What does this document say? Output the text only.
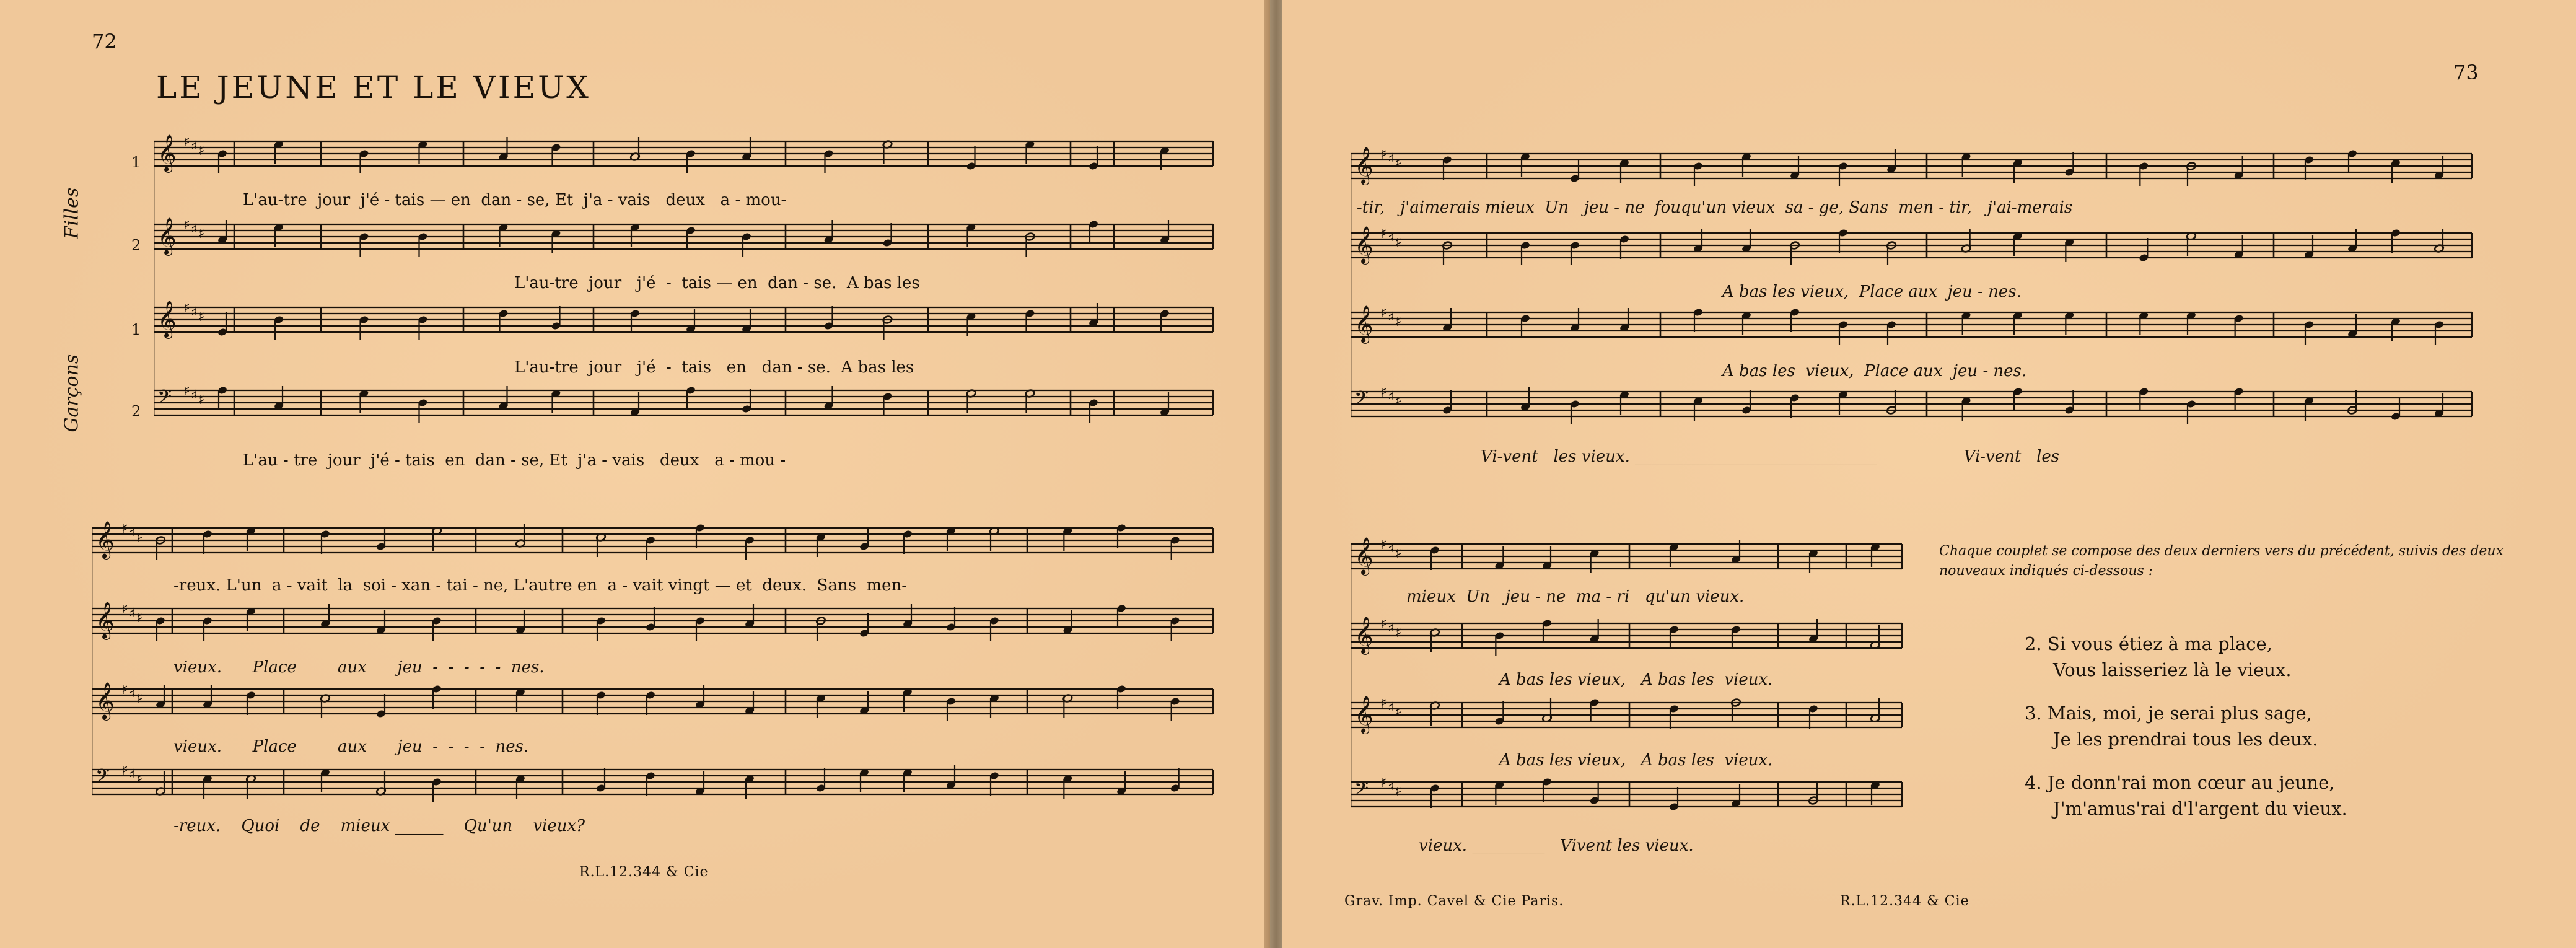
72
LE JEUNE ET LE VIEUX
Filles
Garçons
1
2
1
2
𝄞 ♯ ♯ ♯
𝄞 ♯ ♯ ♯
𝄞 ♯ ♯ ♯
𝄢 ♯ ♯ ♯
L'au-tre  jour  j'é - tais — en  dan - se, Et  j'a - vais   deux   a - mou-
L'au-tre  jour   j'é  -  tais — en  dan - se.  A bas les
L'au-tre  jour   j'é  -  tais   en   dan - se.  A bas les
L'au - tre  jour  j'é - tais  en  dan - se, Et  j'a - vais   deux   a - mou -
𝄞 ♯ ♯ ♯
𝄞 ♯ ♯ ♯
𝄞 ♯ ♯ ♯
𝄢 ♯ ♯ ♯
-reux. L'un  a - vait  la  soi - xan - tai - ne, L'autre en  a - vait vingt — et  deux.  Sans  men-
vieux.      Place        aux      jeu  -  -  -  -  -  nes.
vieux.      Place        aux      jeu  -  -  -  -  nes.
-reux.    Quoi    de    mieux ______    Qu'un    vieux?
R.L.12.344 & Cie
73
𝄞 ♯ ♯ ♯
𝄞 ♯ ♯ ♯
𝄞 ♯ ♯ ♯
𝄢 ♯ ♯ ♯
-tir,   j'aimerais mieux  Un   jeu - ne  fouqu'un vieux  sa - ge, Sans  men - tir,   j'ai-merais
A bas les vieux,  Place aux  jeu - nes.
A bas les  vieux,  Place aux  jeu - nes.
Vi-vent   les vieux. ______________________________                 Vi-vent   les
𝄞 ♯ ♯ ♯
𝄞 ♯ ♯ ♯
𝄞 ♯ ♯ ♯
𝄢 ♯ ♯ ♯
mieux  Un   jeu - ne  ma - ri   qu'un vieux.
A bas les vieux,   A bas les  vieux.
A bas les vieux,   A bas les  vieux.
vieux. _________   Vivent les vieux.
Chaque couplet se compose des deux derniers vers du précédent, suivis des deux nouveaux indiqués ci-dessous :
2. Si vous étiez à ma place,
Vous laisseriez là le vieux.
3. Mais, moi, je serai plus sage,
Je les prendrai tous les deux.
4. Je donn'rai mon cœur au jeune,
J'm'amus'rai d'l'argent du vieux.
Grav. Imp. Cavel & Cie Paris.	R.L.12.344 & Cie
